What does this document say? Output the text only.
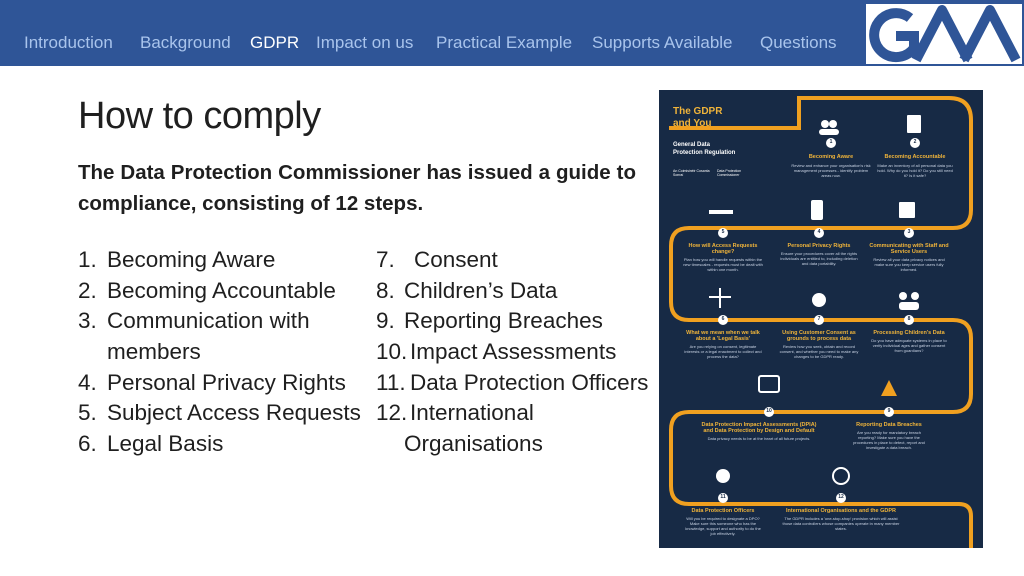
Introduction Background GDPR Impact on us Practical Example Supports Available Questions
How to comply
The Data Protection Commissioner has issued a guide to compliance, consisting of 12 steps.
1. Becoming Aware
2. Becoming Accountable
3. Communication with
members
4. Personal Privacy Rights
5. Subject Access Requests
6. Legal Basis
7. Consent
8. Children’s Data
9. Reporting Breaches
10. Impact Assessments
11. Data Protection Officers
12. International
Organisations
The GDPR
and You
General Data
Protection Regulation
An Coimisinéir Cosanta Sonraí
Data Protection Commissioner
Becoming Aware
Review and enhance your organisation's risk management processes - identify problem areas now.
Becoming Accountable
Make an inventory of all personal data you hold. Why do you hold it? Do you still need it? Is it safe?
How will Access Requests change?
Plan how you will handle requests within the new timescales - requests must be dealt with within one month.
Personal Privacy Rights
Ensure your procedures cover all the rights individuals are entitled to, including deletion and data portability.
Communicating with Staff and Service Users
Review all your data privacy notices and make sure you keep service users fully informed.
What we mean when we talk about a 'Legal Basis'
Are you relying on consent, legitimate interests or a legal enactment to collect and process the data?
Using Customer Consent as grounds to process data
Review how you seek, obtain and record consent, and whether you need to make any changes to be GDPR ready.
Processing Children's Data
Do you have adequate systems in place to verify individual ages and gather consent from guardians?
Data Protection Impact Assessments (DPIA) and Data Protection by Design and Default
Data privacy needs to be at the heart of all future projects.
Reporting Data Breaches
Are you ready for mandatory breach reporting? Make sure you have the procedures in place to detect, report and investigate a data breach.
Data Protection Officers
Will you be required to designate a DPO? Make sure this someone who has the knowledge, support and authority to do the job effectively.
International Organisations and the GDPR
The GDPR includes a 'one-stop-shop' provision which will assist those data controllers whose companies operate in many member states.
1	2
3
4
5
6	7	8
9
10
11	12
